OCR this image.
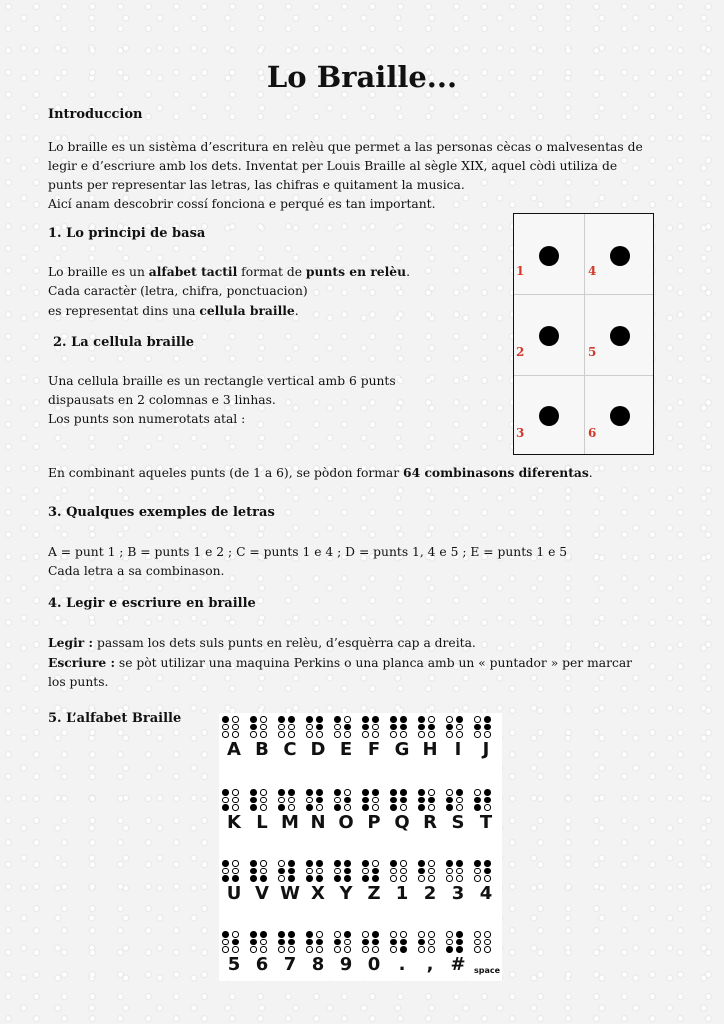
Lo Braille...
Introduccion
Lo braille es un sistèma d’escritura en relèu que permet a las personas cècas o malvesentas de
legir e d’escriure amb los dets. Inventat per Louis Braille al sègle XIX, aquel còdi utiliza de
punts per representar las letras, las chifras e quitament la musica.
Aicí anam descobrir cossí fonciona e perqué es tan important.
1. Lo principi de basa
Lo braille es un alfabet tactil format de punts en relèu.
Cada caractèr (letra, chifra, ponctuacion)
es representat dins una cellula braille.
2. La cellula braille
Una cellula braille es un rectangle vertical amb 6 punts
dispausats en 2 colomnas e 3 linhas.
Los punts son numerotats atal :
1
2
3
4
5
6
En combinant aqueles punts (de 1 a 6), se pòdon formar 64 combinasons diferentas.
3. Qualques exemples de letras
A = punt 1 ; B = punts 1 e 2 ; C = punts 1 e 4 ; D = punts 1, 4 e 5 ; E = punts 1 e 5
Cada letra a sa combinason.
4. Legir e escriure en braille
Legir : passam los dets suls punts en relèu, d’esquèrra cap a dreita.
Escriure : se pòt utilizar una maquina Perkins o una planca amb un « puntador » per marcar
los punts.
5. L’alfabet Braille
A B C D E F G H I	J
K L M N O P Q R S T
U V W X Y Z 1 2 3 4
5 6 7 8 9 0	.	, #	space
